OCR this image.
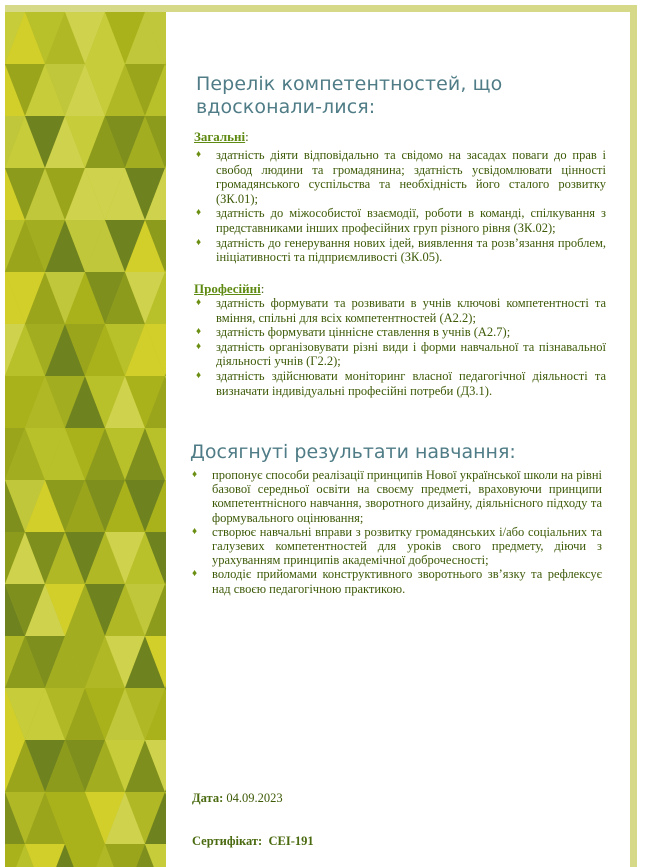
Перелік компетентностей, що вдосконали-лися:
Загальні:
♦ здатність діяти відповідально та свідомо на засадах поваги до прав і свобод людини та громадянина; здатність усвідомлювати цінності громадянського суспільства та необхідність його сталого розвитку (ЗК.01);
♦ здатність до міжособистої взаємодії, роботи в команді, спілкування з представниками інших професійних груп різного рівня (ЗК.02);
♦ здатність до генерування нових ідей, виявлення та розв’язання проблем, ініціативності та підприємливості (ЗК.05).
Професійні:
♦ здатність формувати та розвивати в учнів ключові компетентності та вміння, спільні для всіх компетентностей (А2.2);
♦ здатність формувати ціннісне ставлення в учнів (А2.7);
♦ здатність організовувати різні види і форми навчальної та пізнавальної діяльності учнів (Г2.2);
♦ здатність здійснювати моніторинг власної педагогічної діяльності та визначати індивідуальні професійні потреби (Д3.1).
Досягнуті результати навчання:
♦ пропонує способи реалізації принципів Нової української школи на рівні базової середньої освіти на своєму предметі, враховуючи принципи компетентнісного навчання, зворотного дизайну, діяльнісного підходу та формувального оцінювання;
♦ створює навчальні вправи з розвитку громадянських і/або соціальних та галузевих компетентностей для уроків свого предмету, діючи з урахуванням принципів академічної доброчесності;
♦ володіє прийомами конструктивного зворотнього зв’язку та рефлексує над своєю педагогічною практикою.
Дата: 04.09.2023
Сертифікат: CEI-191
